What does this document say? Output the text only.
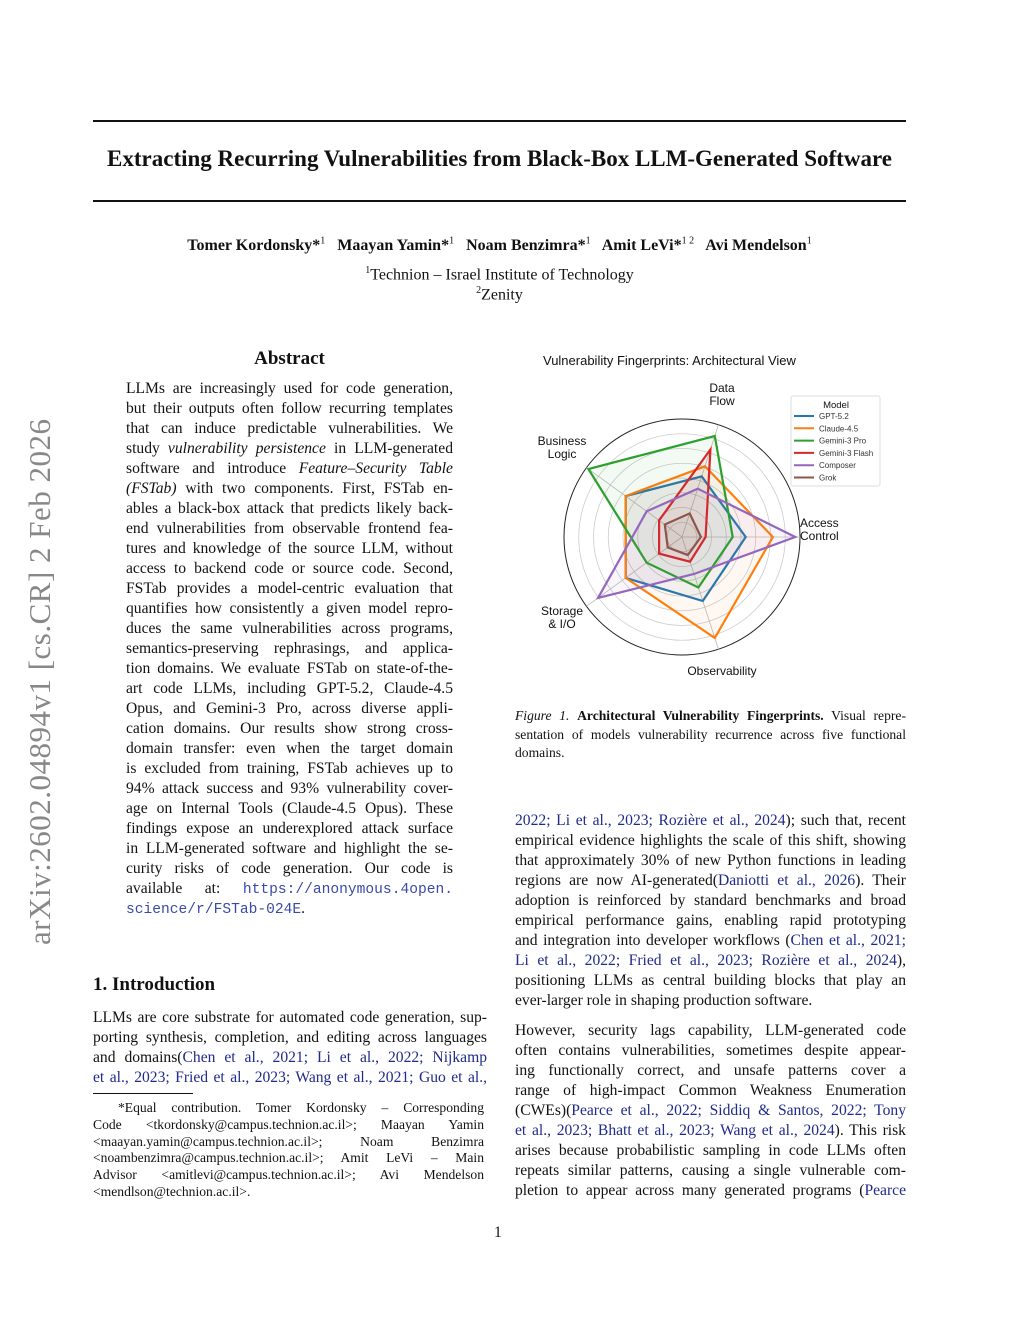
arXiv:2602.04894v1 [cs.CR] 2 Feb 2026
Extracting Recurring Vulnerabilities from Black-Box LLM-Generated Software
Tomer Kordonsky*$^1$ Maayan Yamin*$^1$ Noam Benzimra*$^1$ Amit LeVi*$^{1 2}$ Avi Mendelson$^1$
$^1$Technion – Israel Institute of Technology
$^2$Zenity
Abstract
LLMs are increasingly used for code generation,
but their outputs often follow recurring templates
that can induce predictable vulnerabilities. We
study vulnerability persistence in LLM-generated
software and introduce Feature–Security Table
(FSTab) with two components. First, FSTab en-
ables a black-box attack that predicts likely back-
end vulnerabilities from observable frontend fea-
tures and knowledge of the source LLM, without
access to backend code or source code. Second,
FSTab provides a model-centric evaluation that
quantifies how consistently a given model repro-
duces the same vulnerabilities across programs,
semantics-preserving rephrasings, and applica-
tion domains. We evaluate FSTab on state-of-the-
art code LLMs, including GPT-5.2, Claude-4.5
Opus, and Gemini-3 Pro, across diverse appli-
cation domains. Our results show strong cross-
domain transfer: even when the target domain
is excluded from training, FSTab achieves up to
94% attack success and 93% vulnerability cover-
age on Internal Tools (Claude-4.5 Opus). These
findings expose an underexplored attack surface
in LLM-generated software and highlight the se-
curity risks of code generation. Our code is
available at: https://anonymous.4open.
science/r/FSTab-024E.
1. Introduction
LLMs are core substrate for automated code generation, sup-
porting synthesis, completion, and editing across languages
and domains(Chen et al., 2021; Li et al., 2022; Nijkamp
et al., 2023; Fried et al., 2023; Wang et al., 2021; Guo et al.,
*Equal contribution. Tomer Kordonsky – Corresponding
Code <tkordonsky@campus.technion.ac.il>; Maayan Yamin
<maayan.yamin@campus.technion.ac.il>; Noam Benzimra
<noambenzimra@campus.technion.ac.il>; Amit LeVi – Main
Advisor <amitlevi@campus.technion.ac.il>; Avi Mendelson
<mendlson@technion.ac.il>.
Vulnerability Fingerprints: Architectural View
Access
Control
Data
Flow
Business
Logic
Storage
& I/O
Observability
Model
GPT-5.2
Claude-4.5
Gemini-3 Pro
Gemini-3 Flash
Composer
Grok
Figure 1. Architectural Vulnerability Fingerprints. Visual repre-
sentation of models vulnerability recurrence across five functional
domains.
2022; Li et al., 2023; Rozière et al., 2024); such that, recent
empirical evidence highlights the scale of this shift, showing
that approximately 30% of new Python functions in leading
regions are now AI-generated(Daniotti et al., 2026). Their
adoption is reinforced by standard benchmarks and broad
empirical performance gains, enabling rapid prototyping
and integration into developer workflows (Chen et al., 2021;
Li et al., 2022; Fried et al., 2023; Rozière et al., 2024),
positioning LLMs as central building blocks that play an
ever-larger role in shaping production software.
However, security lags capability, LLM-generated code
often contains vulnerabilities, sometimes despite appear-
ing functionally correct, and unsafe patterns cover a
range of high-impact Common Weakness Enumeration
(CWEs)(Pearce et al., 2022; Siddiq & Santos, 2022; Tony
et al., 2023; Bhatt et al., 2023; Wang et al., 2024). This risk
arises because probabilistic sampling in code LLMs often
repeats similar patterns, causing a single vulnerable com-
pletion to appear across many generated programs (Pearce
1
